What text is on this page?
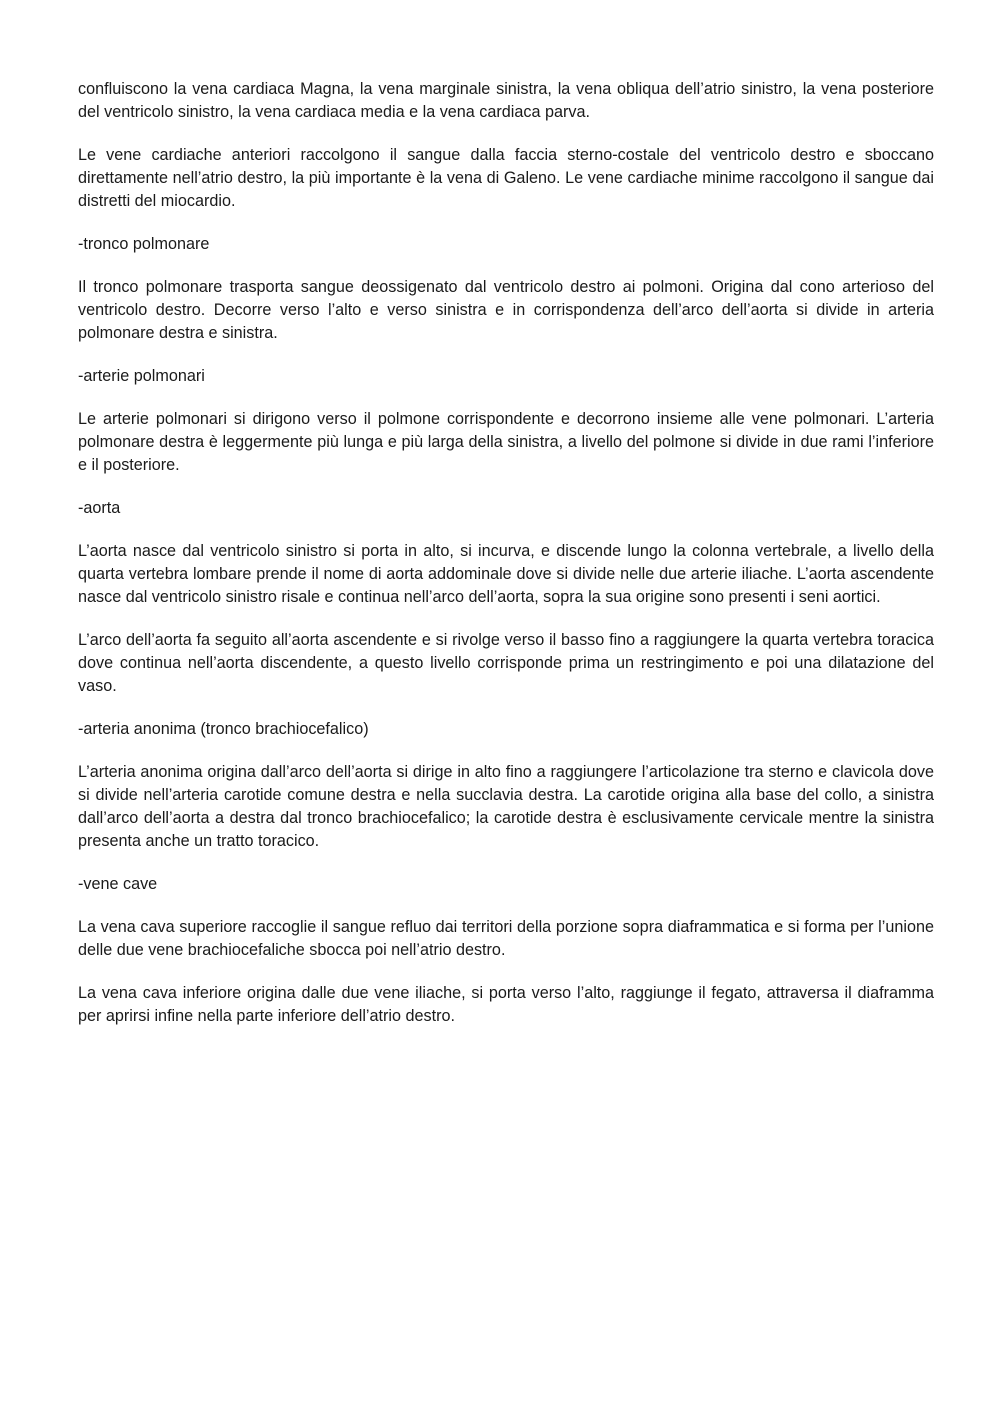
confluiscono la vena cardiaca Magna, la vena marginale sinistra, la vena obliqua dell’atrio sinistro, la vena posteriore del ventricolo sinistro, la vena cardiaca media e la vena cardiaca parva.

Le vene cardiache anteriori raccolgono il sangue dalla faccia sterno-costale del ventricolo destro e sboccano direttamente nell’atrio destro, la più importante è la vena di Galeno. Le vene cardiache minime raccolgono il sangue dai distretti del miocardio.

-tronco polmonare

Il tronco polmonare trasporta sangue deossigenato dal ventricolo destro ai polmoni. Origina dal cono arterioso del ventricolo destro. Decorre verso l’alto e verso sinistra e in corrispondenza dell’arco dell’aorta si divide in arteria polmonare destra e sinistra.

-arterie polmonari

Le arterie polmonari si dirigono verso il polmone corrispondente e decorrono insieme alle vene polmonari. L’arteria polmonare destra è leggermente più lunga e più larga della sinistra, a livello del polmone si divide in due rami l’inferiore e il posteriore.

-aorta

L’aorta nasce dal ventricolo sinistro si porta in alto, si incurva, e discende lungo la colonna vertebrale, a livello della quarta vertebra lombare prende il nome di aorta addominale dove si divide nelle due arterie iliache. L’aorta ascendente nasce dal ventricolo sinistro risale e continua nell’arco dell’aorta, sopra la sua origine sono presenti i seni aortici.

L’arco dell’aorta fa seguito all’aorta ascendente e si rivolge verso il basso fino a raggiungere la quarta vertebra toracica dove continua nell’aorta discendente, a questo livello corrisponde prima un restringimento e poi una dilatazione del vaso.

-arteria anonima (tronco brachiocefalico)

L’arteria anonima origina dall’arco dell’aorta si dirige in alto fino a raggiungere l’articolazione tra sterno e clavicola dove si divide nell’arteria carotide comune destra e nella succlavia destra. La carotide origina alla base del collo, a sinistra dall’arco dell’aorta a destra dal tronco brachiocefalico; la carotide destra è esclusivamente cervicale mentre la sinistra presenta anche un tratto toracico.

-vene cave

La vena cava superiore raccoglie il sangue refluo dai territori della porzione sopra diaframmatica e si forma per l’unione delle due vene brachiocefaliche sbocca poi nell’atrio destro.

La vena cava inferiore origina dalle due vene iliache, si porta verso l’alto, raggiunge il fegato, attraversa il diaframma per aprirsi infine nella parte inferiore dell’atrio destro.
